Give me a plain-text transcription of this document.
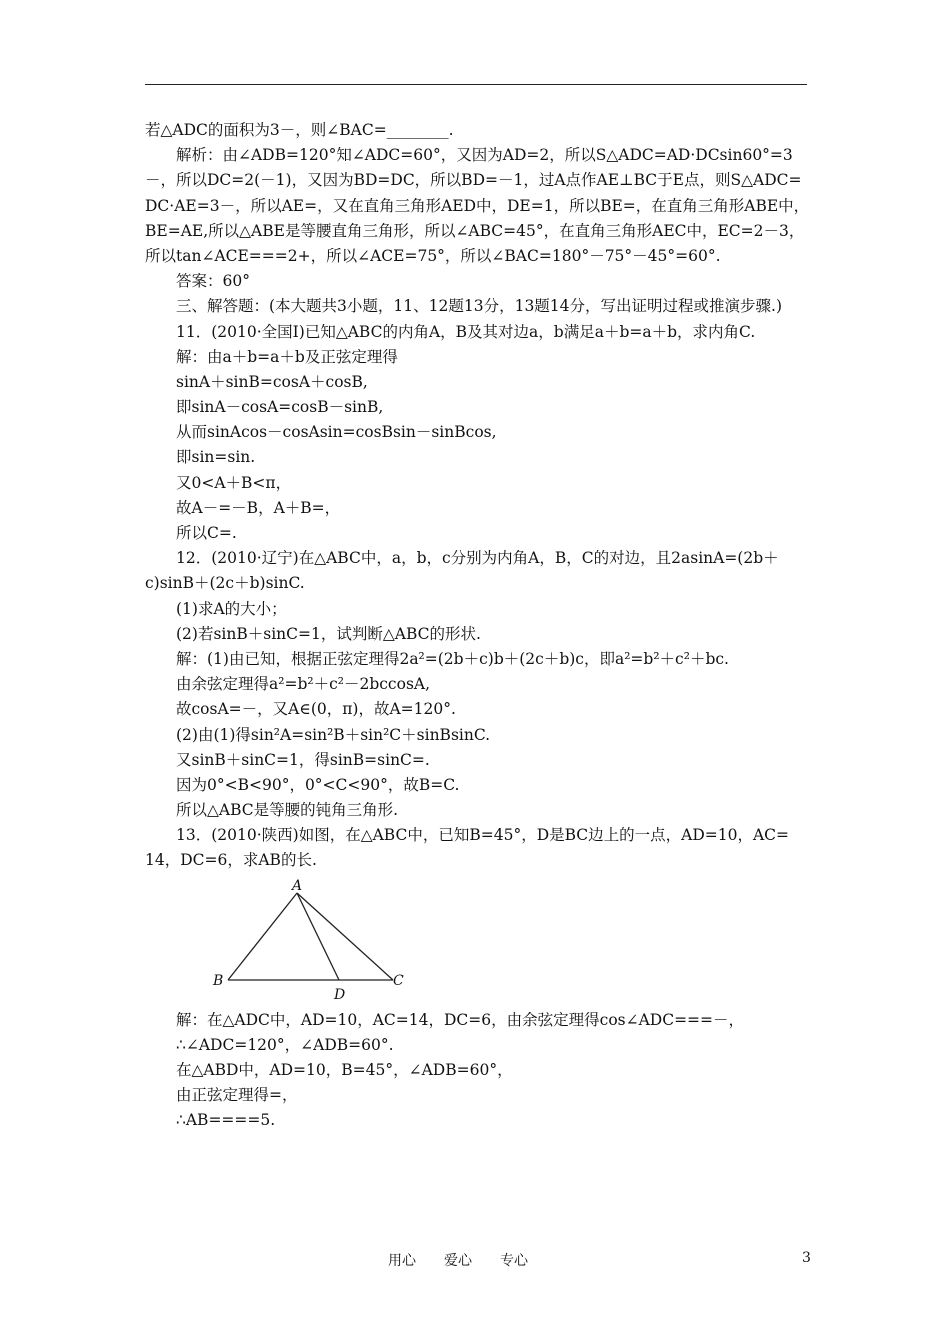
若△ADC的面积为3－，则∠BAC=________.
解析：由∠ADB=120°知∠ADC=60°，又因为AD=2，所以S△ADC=AD·DCsin60°=3
－，所以DC=2(－1)，又因为BD=DC，所以BD=－1，过A点作AE⊥BC于E点，则S△ADC=
DC·AE=3－，所以AE=，又在直角三角形AED中，DE=1，所以BE=，在直角三角形ABE中，
BE=AE,所以△ABE是等腰直角三角形，所以∠ABC=45°，在直角三角形AEC中，EC=2－3，
所以tan∠ACE===2+，所以∠ACE=75°，所以∠BAC=180°－75°－45°=60°.
答案：60°
三、解答题：(本大题共3小题，11、12题13分，13题14分，写出证明过程或推演步骤.)
11．(2010·全国Ⅰ)已知△ABC的内角A，B及其对边a，b满足a＋b=a＋b，求内角C.
解：由a＋b=a＋b及正弦定理得
sinA＋sinB=cosA＋cosB,
即sinA－cosA=cosB－sinB,
从而sinAcos－cosAsin=cosBsin－sinBcos,
即sin=sin.
又0<A＋B<π，
故A－=－B，A＋B=，
所以C=.
12．(2010·辽宁)在△ABC中，a，b，c分别为内角A，B，C的对边，且2asinA=(2b＋
c)sinB＋(2c＋b)sinC.
(1)求A的大小；
(2)若sinB＋sinC=1，试判断△ABC的形状.
解：(1)由已知，根据正弦定理得2a²=(2b＋c)b＋(2c＋b)c，即a²=b²＋c²＋bc.
由余弦定理得a²=b²＋c²－2bccosA,
故cosA=－，又A∈(0，π)，故A=120°.
(2)由(1)得sin²A=sin²B＋sin²C＋sinBsinC.
又sinB＋sinC=1，得sinB=sinC=.
因为0°<B<90°，0°<C<90°，故B=C.
所以△ABC是等腰的钝角三角形.
13．(2010·陕西)如图，在△ABC中，已知B=45°，D是BC边上的一点，AD=10，AC=
14，DC=6，求AB的长.
A
B	C
D
解：在△ADC中，AD=10，AC=14，DC=6，由余弦定理得cos∠ADC===－，
∴∠ADC=120°，∠ADB=60°.
在△ABD中，AD=10，B=45°，∠ADB=60°，
由正弦定理得=，
∴AB====5.
用心　　爱心　　专心	3
